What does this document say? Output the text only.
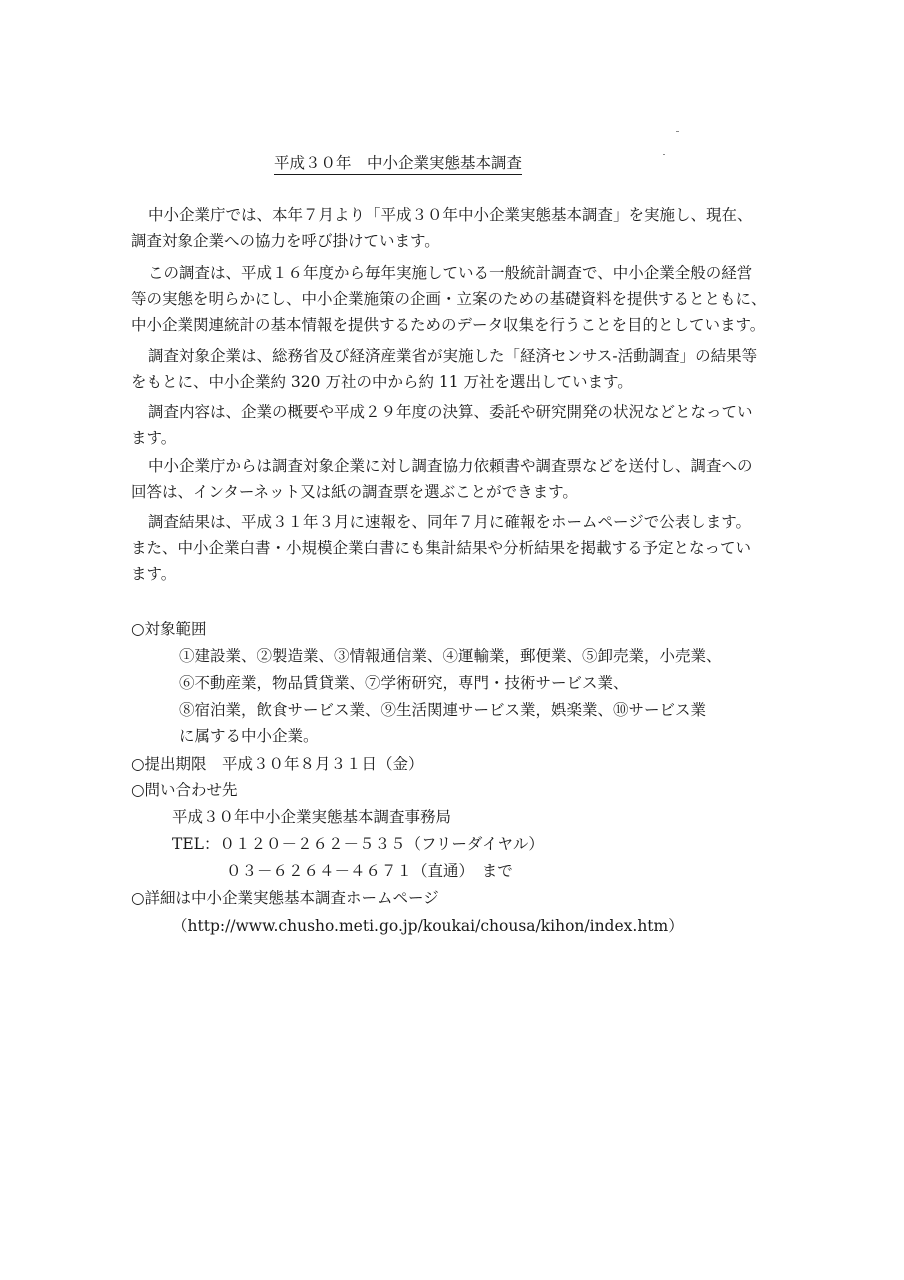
平成３０年　中小企業実態基本調査
中小企業庁では、本年７月より「平成３０年中小企業実態基本調査」を実施し、現在、
調査対象企業への協力を呼び掛けています。
この調査は、平成１６年度から毎年実施している一般統計調査で、中小企業全般の経営
等の実態を明らかにし、中小企業施策の企画・立案のための基礎資料を提供するとともに、
中小企業関連統計の基本情報を提供するためのデータ収集を行うことを目的としています。
調査対象企業は、総務省及び経済産業省が実施した「経済センサス-活動調査」の結果等
をもとに、中小企業約 320 万社の中から約 11 万社を選出しています。
調査内容は、企業の概要や平成２９年度の決算、委託や研究開発の状況などとなってい
ます。
中小企業庁からは調査対象企業に対し調査協力依頼書や調査票などを送付し、調査への
回答は、インターネット又は紙の調査票を選ぶことができます。
調査結果は、平成３１年３月に速報を、同年７月に確報をホームページで公表します。
また、中小企業白書・小規模企業白書にも集計結果や分析結果を掲載する予定となってい
ます。
○対象範囲
①建設業、②製造業、③情報通信業、④運輸業，郵便業、⑤卸売業，小売業、
⑥不動産業，物品賃貸業、⑦学術研究，専門・技術サービス業、
⑧宿泊業，飲食サービス業、⑨生活関連サービス業，娯楽業、⑩サービス業
に属する中小企業。
○提出期限　平成３０年８月３１日（金）
○問い合わせ先
平成３０年中小企業実態基本調査事務局
TEL：０１２０－２６２－５３５（フリーダイヤル）
０３－６２６４－４６７１（直通）　まで
○詳細は中小企業実態基本調査ホームページ
（http://www.chusho.meti.go.jp/koukai/chousa/kihon/index.htm）
